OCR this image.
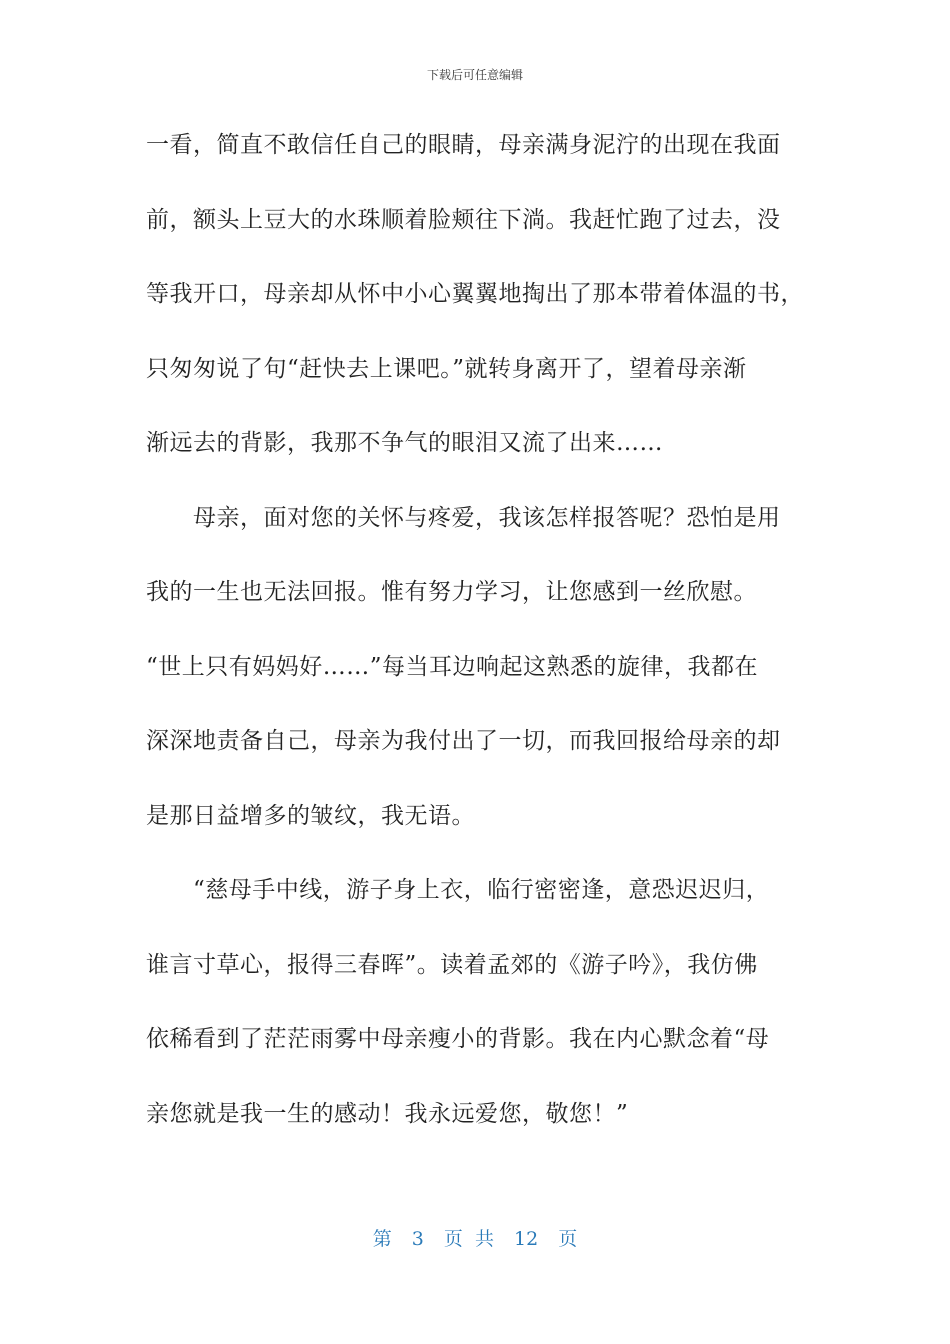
下载后可任意编辑
一看，简直不敢信任自己的眼睛，母亲满身泥泞的出现在我面
前，额头上豆大的水珠顺着脸颊往下淌。我赶忙跑了过去，没
等我开口，母亲却从怀中小心翼翼地掏出了那本带着体温的书，
只匆匆说了句“赶快去上课吧。”就转身离开了，望着母亲渐
渐远去的背影，我那不争气的眼泪又流了出来……
　　母亲，面对您的关怀与疼爱，我该怎样报答呢？恐怕是用
我的一生也无法回报。惟有努力学习，让您感到一丝欣慰。
“世上只有妈妈好……”每当耳边响起这熟悉的旋律，我都在
深深地责备自己，母亲为我付出了一切，而我回报给母亲的却
是那日益增多的皱纹，我无语。
　　“慈母手中线，游子身上衣，临行密密逢，意恐迟迟归，
谁言寸草心，报得三春晖”。读着孟郊的《游子吟》，我仿佛
依稀看到了茫茫雨雾中母亲瘦小的背影。我在内心默念着“母
亲您就是我一生的感动！我永远爱您，敬您！”
第 3 页 共 12 页
